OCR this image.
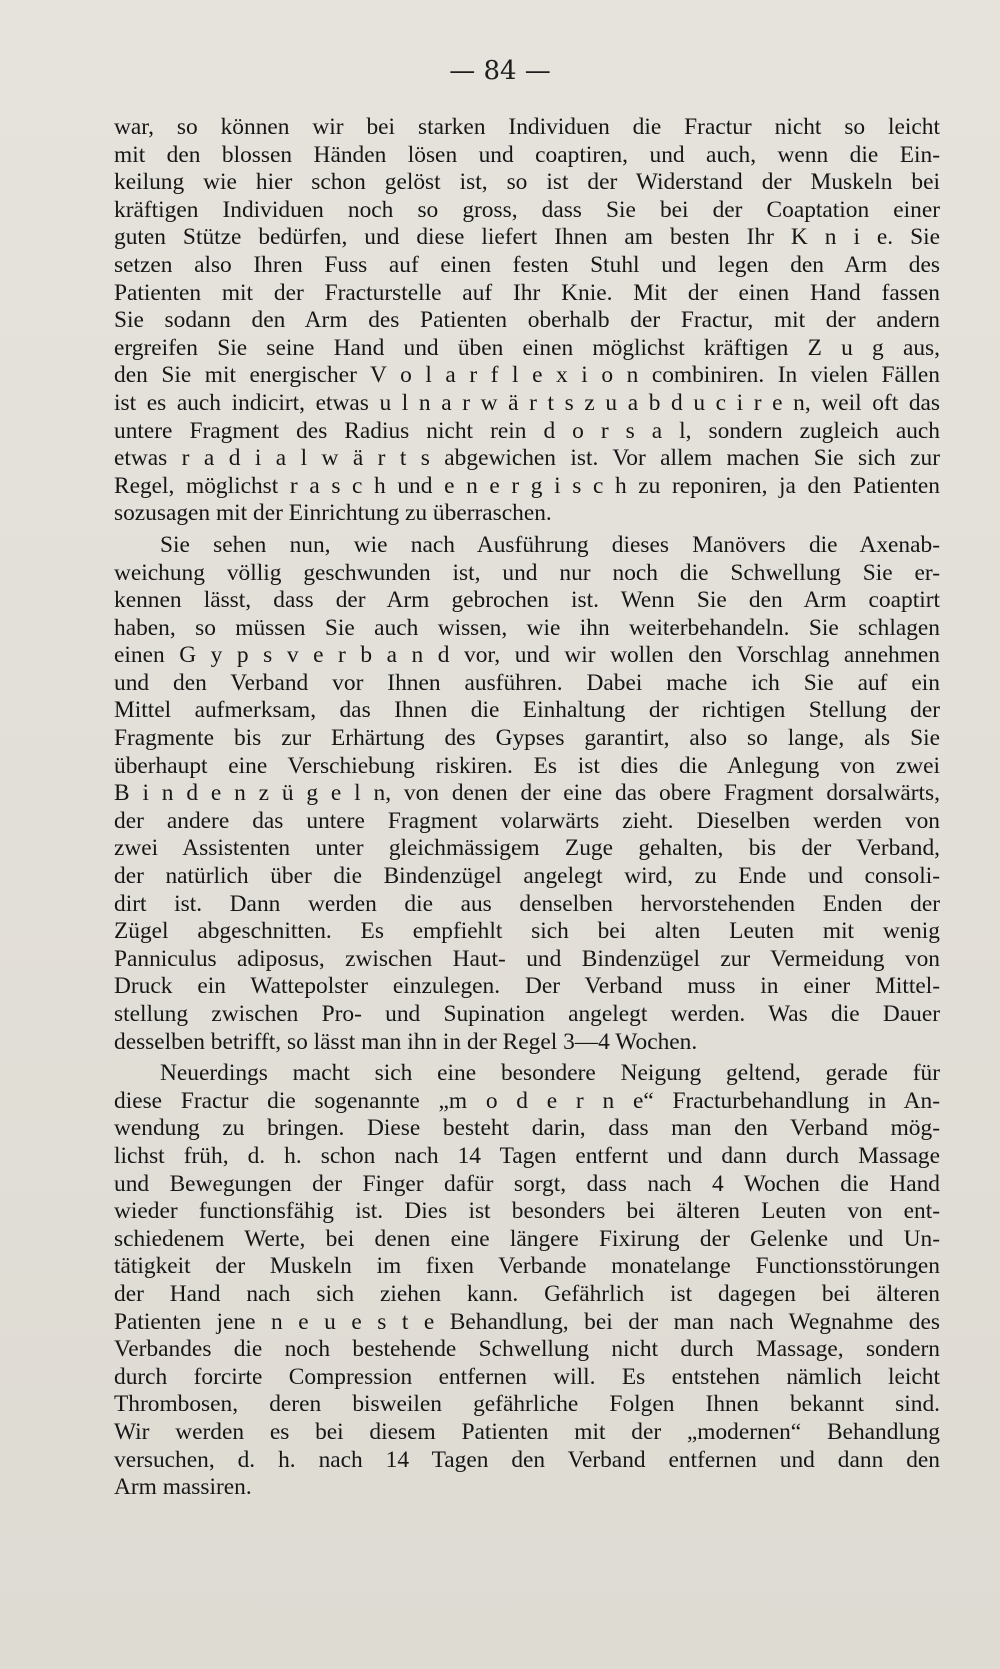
— 84 —
war, so können wir bei starken Individuen die Fractur nicht so leicht
mit den blossen Händen lösen und coaptiren, und auch, wenn die Ein-
keilung wie hier schon gelöst ist, so ist der Widerstand der Muskeln bei
kräftigen Individuen noch so gross, dass Sie bei der Coaptation einer
guten Stütze bedürfen, und diese liefert Ihnen am besten Ihr K n i e. Sie
setzen also Ihren Fuss auf einen festen Stuhl und legen den Arm des
Patienten mit der Fracturstelle auf Ihr Knie. Mit der einen Hand fassen
Sie sodann den Arm des Patienten oberhalb der Fractur, mit der andern
ergreifen Sie seine Hand und üben einen möglichst kräftigen Z u g aus,
den Sie mit energischer V o l a r f l e x i o n combiniren. In vielen Fällen
ist es auch indicirt, etwas u l n a r w ä r t s z u a b d u c i r e n, weil oft das
untere Fragment des Radius nicht rein d o r s a l, sondern zugleich auch
etwas r a d i a l w ä r t s abgewichen ist. Vor allem machen Sie sich zur
Regel, möglichst r a s c h und e n e r g i s c h zu reponiren, ja den Patienten
sozusagen mit der Einrichtung zu überraschen.
Sie sehen nun, wie nach Ausführung dieses Manövers die Axenab-
weichung völlig geschwunden ist, und nur noch die Schwellung Sie er-
kennen lässt, dass der Arm gebrochen ist. Wenn Sie den Arm coaptirt
haben, so müssen Sie auch wissen, wie ihn weiterbehandeln. Sie schlagen
einen G y p s v e r b a n d vor, und wir wollen den Vorschlag annehmen
und den Verband vor Ihnen ausführen. Dabei mache ich Sie auf ein
Mittel aufmerksam, das Ihnen die Einhaltung der richtigen Stellung der
Fragmente bis zur Erhärtung des Gypses garantirt, also so lange, als Sie
überhaupt eine Verschiebung riskiren. Es ist dies die Anlegung von zwei
B i n d e n z ü g e l n, von denen der eine das obere Fragment dorsalwärts,
der andere das untere Fragment volarwärts zieht. Dieselben werden von
zwei Assistenten unter gleichmässigem Zuge gehalten, bis der Verband,
der natürlich über die Bindenzügel angelegt wird, zu Ende und consoli-
dirt ist. Dann werden die aus denselben hervorstehenden Enden der
Zügel abgeschnitten. Es empfiehlt sich bei alten Leuten mit wenig
Panniculus adiposus, zwischen Haut- und Bindenzügel zur Vermeidung von
Druck ein Wattepolster einzulegen. Der Verband muss in einer Mittel-
stellung zwischen Pro- und Supination angelegt werden. Was die Dauer
desselben betrifft, so lässt man ihn in der Regel 3—4 Wochen.
Neuerdings macht sich eine besondere Neigung geltend, gerade für
diese Fractur die sogenannte „m o d e r n e“ Fracturbehandlung in An-
wendung zu bringen. Diese besteht darin, dass man den Verband mög-
lichst früh, d. h. schon nach 14 Tagen entfernt und dann durch Massage
und Bewegungen der Finger dafür sorgt, dass nach 4 Wochen die Hand
wieder functionsfähig ist. Dies ist besonders bei älteren Leuten von ent-
schiedenem Werte, bei denen eine längere Fixirung der Gelenke und Un-
tätigkeit der Muskeln im fixen Verbande monatelange Functionsstörungen
der Hand nach sich ziehen kann. Gefährlich ist dagegen bei älteren
Patienten jene n e u e s t e Behandlung, bei der man nach Wegnahme des
Verbandes die noch bestehende Schwellung nicht durch Massage, sondern
durch forcirte Compression entfernen will. Es entstehen nämlich leicht
Thrombosen, deren bisweilen gefährliche Folgen Ihnen bekannt sind.
Wir werden es bei diesem Patienten mit der „modernen“ Behandlung
versuchen, d. h. nach 14 Tagen den Verband entfernen und dann den
Arm massiren.
